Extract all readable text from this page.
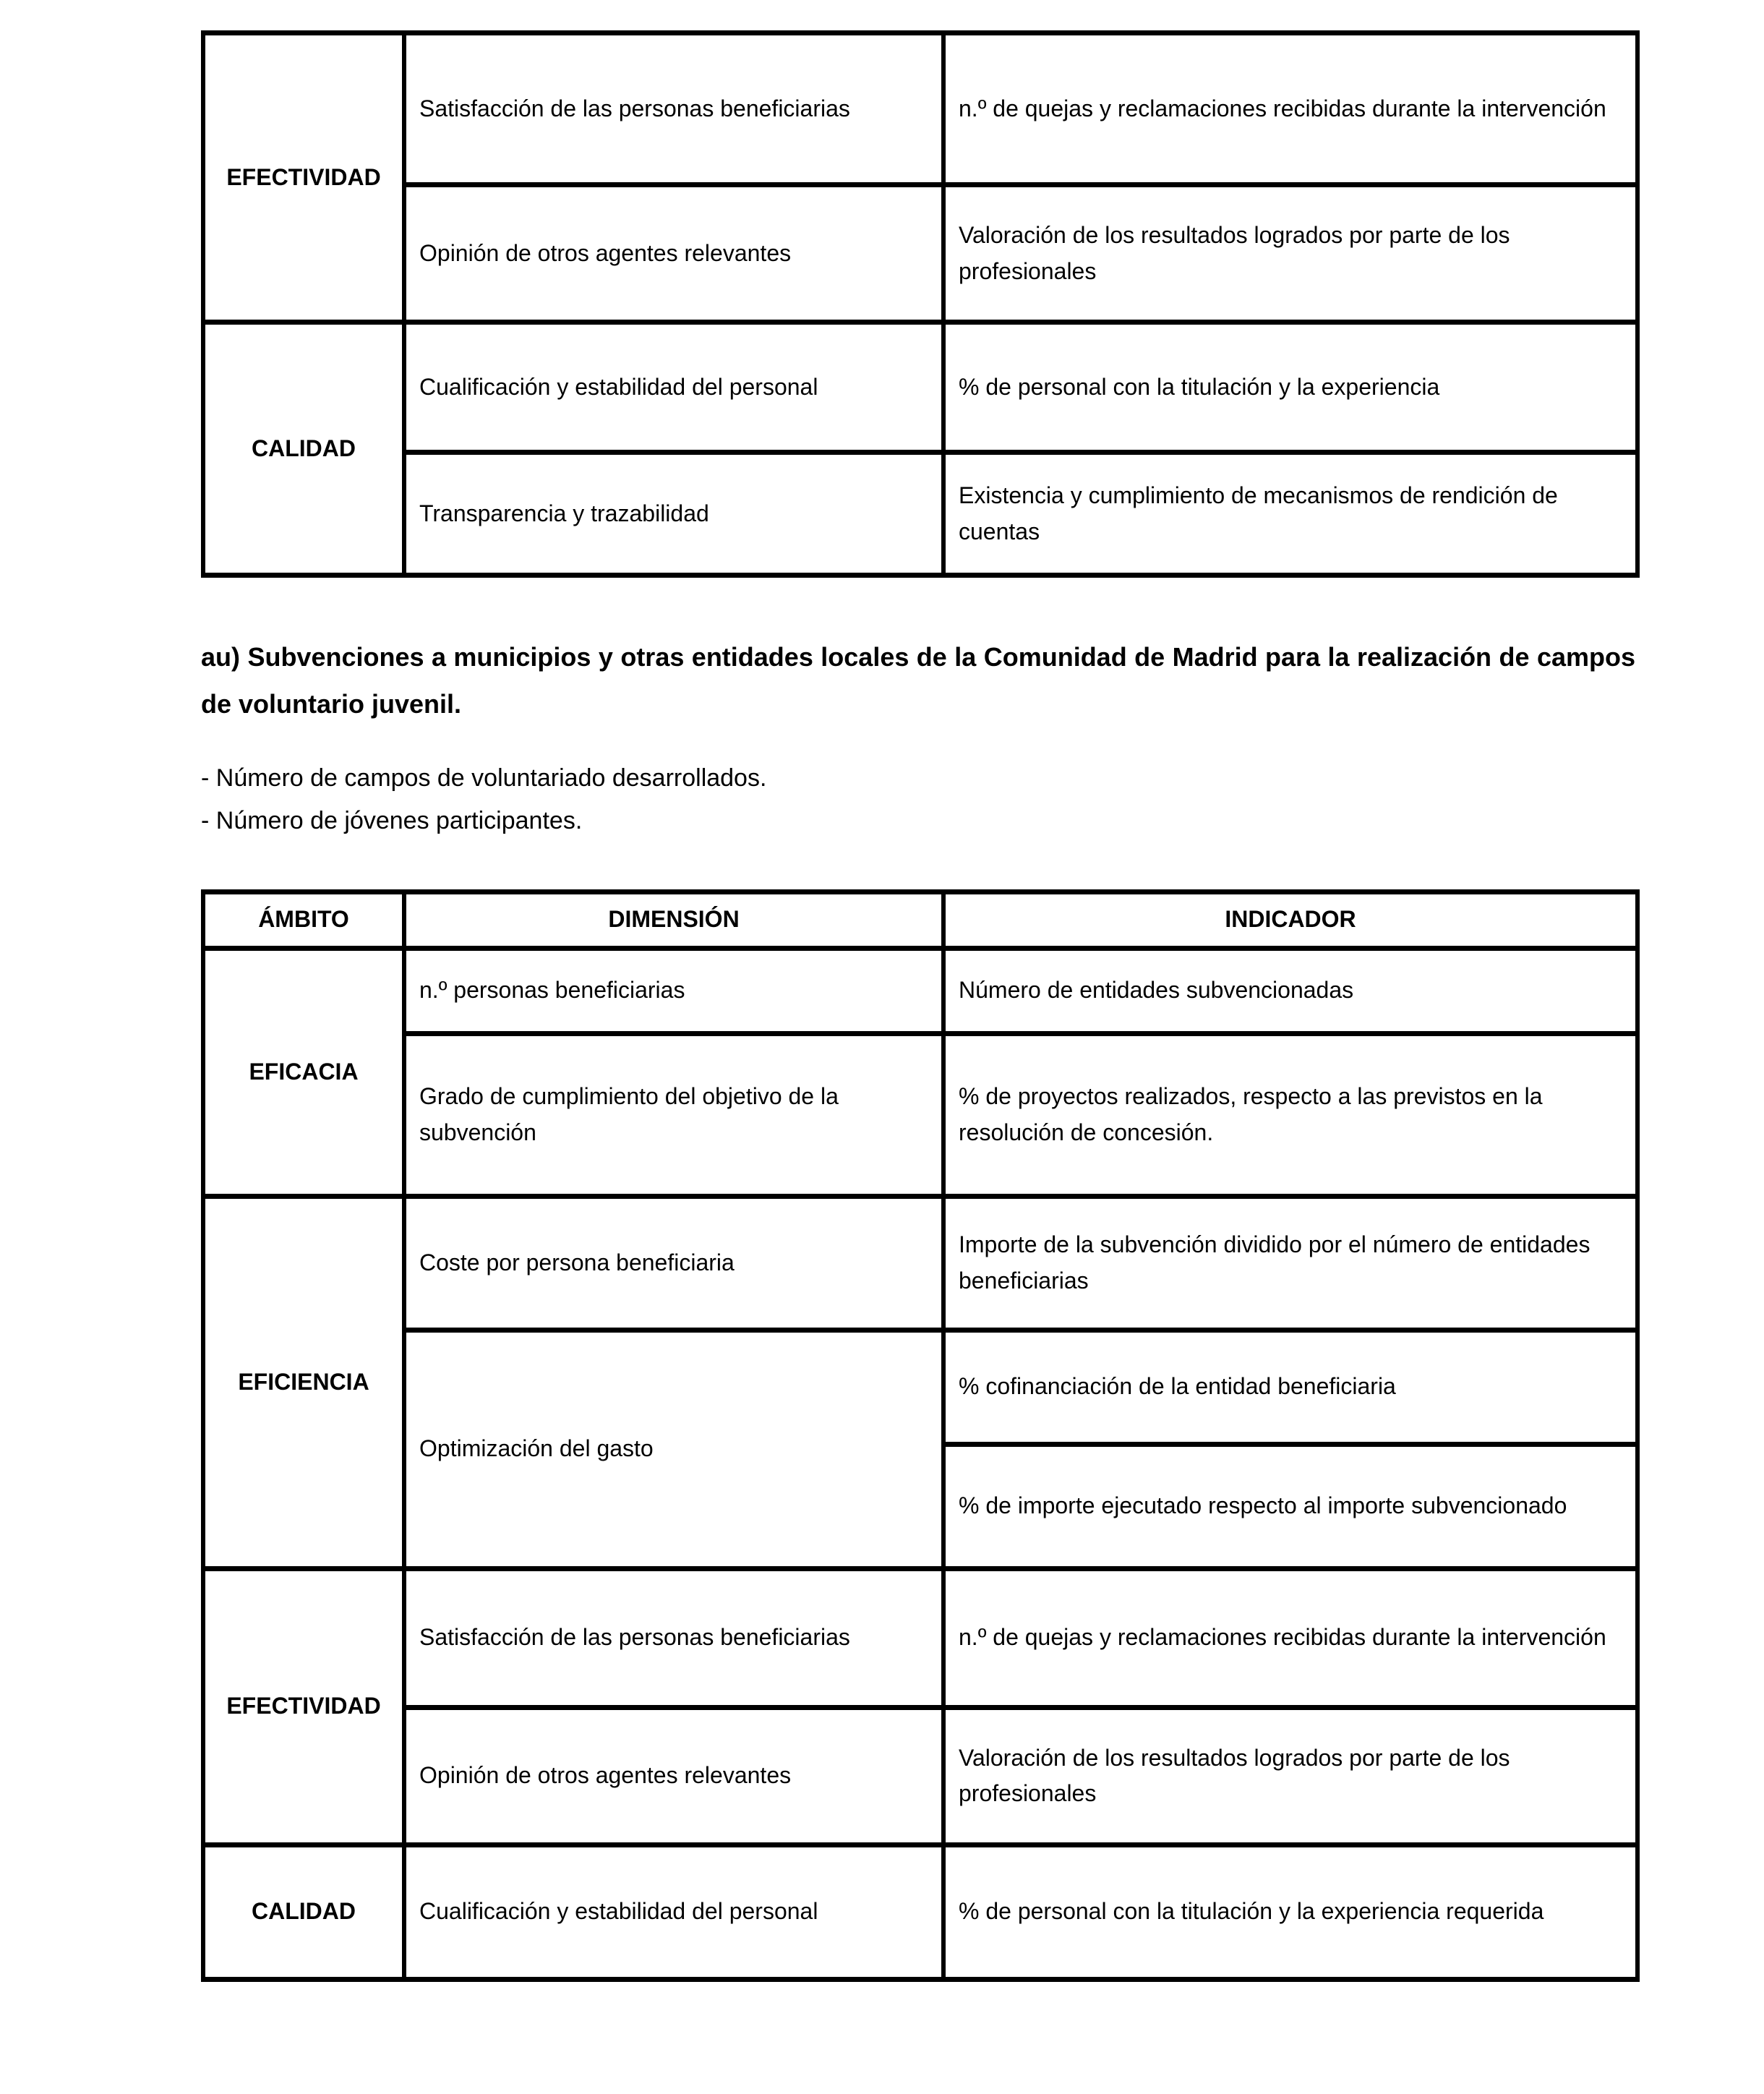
EFECTIVIDAD	Satisfacción de las personas beneficiarias	n.º de quejas y reclamaciones recibidas durante la intervención
	Opinión de otros agentes relevantes	Valoración de los resultados logrados por parte de los profesionales
CALIDAD	Cualificación y estabilidad del personal	% de personal con la titulación y la experiencia
	Transparencia y trazabilidad	Existencia y cumplimiento de mecanismos de rendición de cuentas

au) Subvenciones a municipios y otras entidades locales de la Comunidad de Madrid para la realización de campos de voluntario juvenil.

- Número de campos de voluntariado desarrollados.

- Número de jóvenes participantes.

ÁMBITO	DIMENSIÓN	INDICADOR
EFICACIA	n.º personas beneficiarias	Número de entidades subvencionadas
	Grado de cumplimiento del objetivo de la subvención	% de proyectos realizados, respecto a las previstos en la resolución de concesión.
EFICIENCIA	Coste por persona beneficiaria	Importe de la subvención dividido por el número de entidades beneficiarias
	Optimización del gasto	% cofinanciación de la entidad beneficiaria
		% de importe ejecutado respecto al importe subvencionado
EFECTIVIDAD	Satisfacción de las personas beneficiarias	n.º de quejas y reclamaciones recibidas durante la intervención
	Opinión de otros agentes relevantes	Valoración de los resultados logrados por parte de los profesionales
CALIDAD	Cualificación y estabilidad del personal	% de personal con la titulación y la experiencia requerida
